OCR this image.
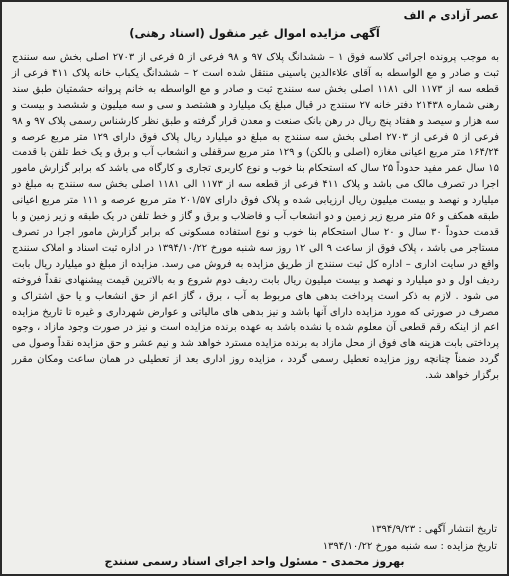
عصر آزادی م الف
آگهی مزایده اموال غیر منقول (اسناد رهنی)

به موجب پرونده اجرائی کلاسه فوق ۱ – ششدانگ پلاک ۹۷ و ۹۸ فرعی از ۵ فرعی از ۲۷۰۳ اصلی بخش سه سنندج ثبت و صادر و مع الواسطه به آقای علاءالدین یاسینی منتقل شده است ۲ – ششدانگ یکباب خانه پلاک ۴۱۱ فرعی از قطعه سه از ۱۱۷۳ الی ۱۱۸۱ اصلی بخش سه سنندج ثبت و صادر و مع الواسطه به خانم پروانه حشمتیان طبق سند رهنی شماره ۲۱۴۳۸ دفتر خانه ۲۷ سنندج در قبال مبلغ یک میلیارد و هشتصد و سی و سه میلیون و ششصد و بیست و سه هزار و سیصد و هفتاد پنج ریال در رهن بانک صنعت و معدن قرار گرفته و طبق نظر کارشناس رسمی پلاک ۹۷ و ۹۸ فرعی از ۵ فرعی از ۲۷۰۳ اصلی بخش سه سنندج به مبلغ دو میلیارد ریال پلاک فوق دارای ۱۲۹ متر مربع عرصه و ۱۶۴/۲۴ متر مربع اعیانی مغازه (اصلی و بالکن) و ۱۲۹ متر مربع سرقفلی و انشعاب آب و برق و یک خط تلفن با قدمت ۱۵ سال عمر مفید حدوداً ۲۵ سال که استحکام بنا خوب و نوع کاربری تجاری و کارگاه می باشد که برابر گزارش مامور اجرا در تصرف مالک می باشد و پلاک ۴۱۱ فرعی از قطعه سه از ۱۱۷۳ الی ۱۱۸۱ اصلی بخش سه سنندج به مبلغ دو میلیارد و نهصد و بیست میلیون ریال ارزیابی شده و پلاک فوق دارای ۲۰۱/۵۷ متر مربع عرصه و ۱۱۱ متر مربع اعیانی طبقه همکف و ۵۶ متر مربع زیر زمین و دو انشعاب آب و فاضلاب و برق و گاز و خط تلفن در یک طبقه و زیر زمین و با قدمت حدوداً ۳۰ سال و ۲۰ سال استحکام بنا خوب و نوع استفاده مسکونی که برابر گزارش مامور اجرا در تصرف مستاجر می باشد ، پلاک فوق از ساعت ۹ الی ۱۲ روز سه شنبه مورخ ۱۳۹۴/۱۰/۲۲ در اداره ثبت اسناد و املاک سنندج واقع در سایت اداری – اداره کل ثبت سنندج از طریق مزایده به فروش می رسد. مزایده از مبلغ دو میلیارد ریال بابت ردیف اول و دو میلیارد و نهصد و بیست میلیون ریال بابت ردیف دوم شروع و به بالاترین قیمت پیشنهادی نقداً فروخته می شود . لازم به ذکر است پرداخت بدهی های مربوط به آب ، برق ، گاز اعم از حق انشعاب و یا حق اشتراک و مصرف در صورتی که مورد مزایده دارای آنها باشد و نیز بدهی های مالیاتی و عوارض شهرداری و غیره تا تاریخ مزایده اعم از اینکه رقم قطعی آن معلوم شده یا نشده باشد به عهده برنده مزایده است و نیز در صورت وجود مازاد ، وجوه پرداختی بابت هزینه های فوق از محل مازاد به برنده مزایده مسترد خواهد شد و نیم عشر و حق مزایده نقداً وصول می گردد ضمناً چنانچه روز مزایده تعطیل رسمی گردد ، مزایده روز اداری بعد از تعطیلی در همان ساعت ومکان مقرر برگزار خواهد شد.

تاریخ انتشار آگهی : ۱۳۹۴/۹/۲۳
تاریخ مزایده : سه شنبه مورخ ۱۳۹۴/۱۰/۲۲
بهروز محمدی - مسئول واحد اجرای اسناد رسمی سنندج
